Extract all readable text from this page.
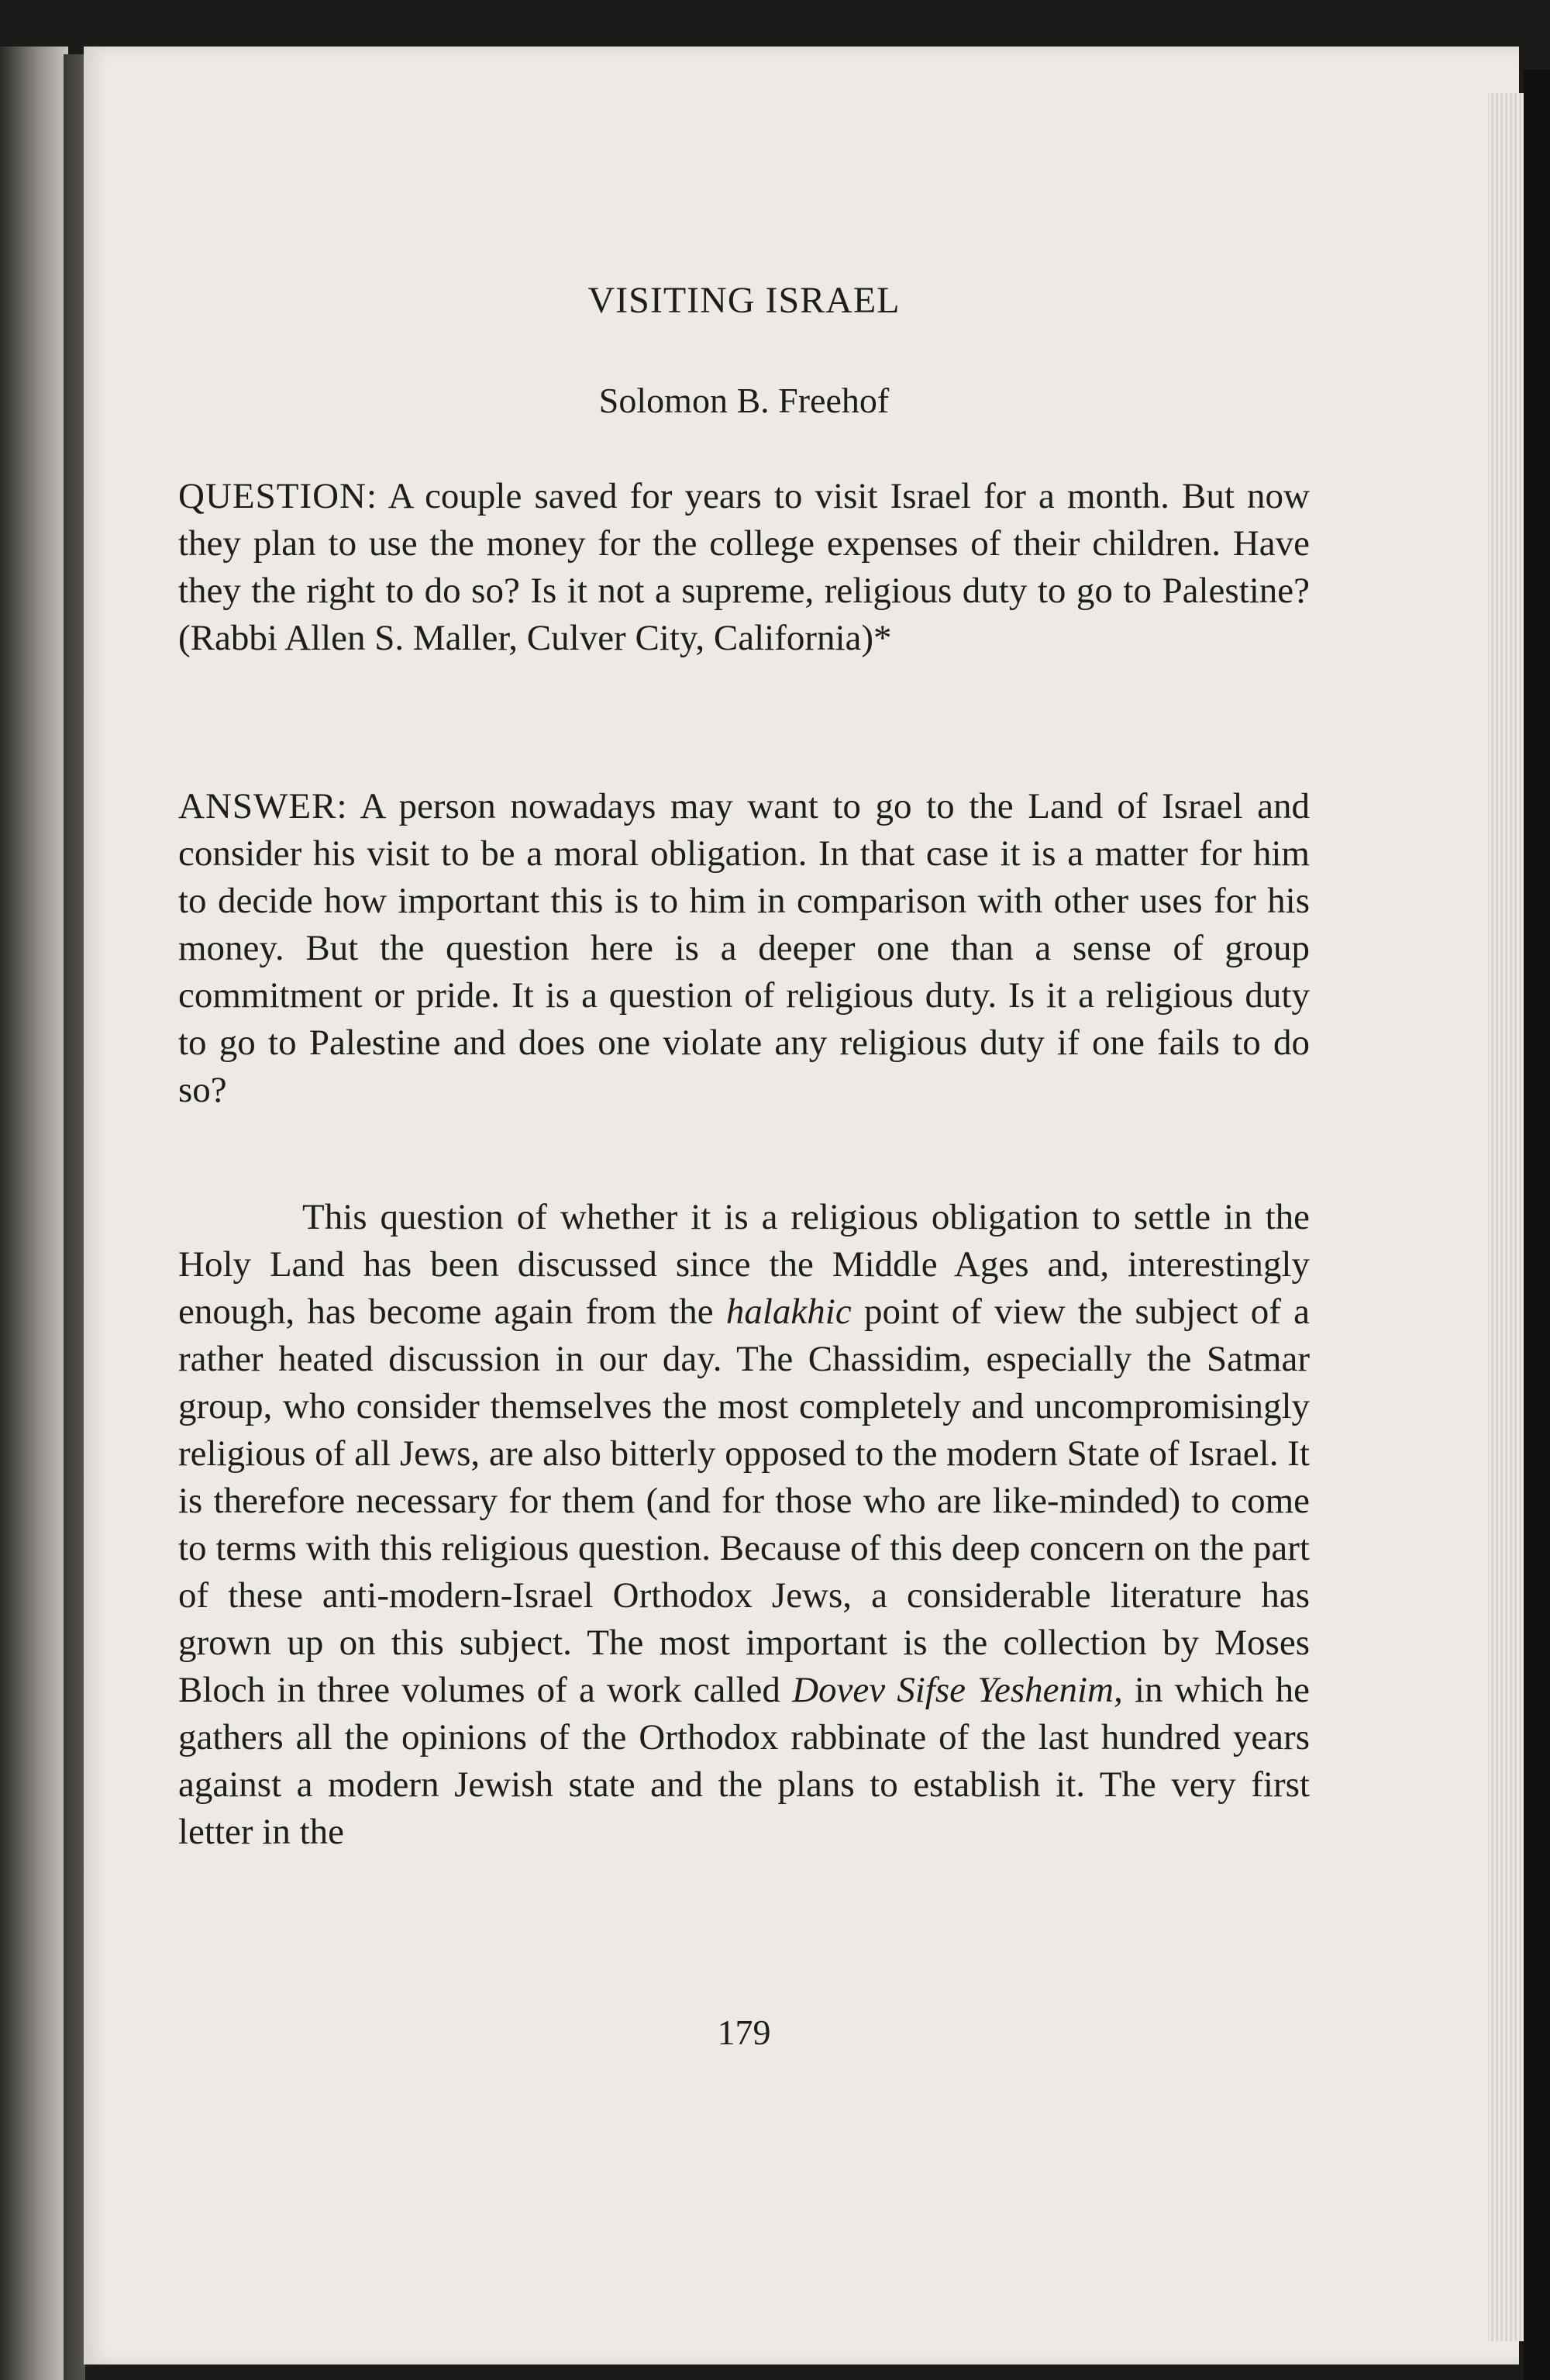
VISITING ISRAEL
Solomon B. Freehof
QUESTION: A couple saved for years to visit Israel for a month. But now they plan to use the money for the college expenses of their children. Have they the right to do so? Is it not a supreme, religious duty to go to Palestine? (Rabbi Allen S. Maller, Culver City, California)*
ANSWER: A person nowadays may want to go to the Land of Israel and consider his visit to be a moral obligation. In that case it is a matter for him to decide how important this is to him in comparison with other uses for his money. But the question here is a deeper one than a sense of group commitment or pride. It is a question of religious duty. Is it a religious duty to go to Palestine and does one violate any religious duty if one fails to do so?
This question of whether it is a religious obligation to settle in the Holy Land has been discussed since the Middle Ages and, interestingly enough, has become again from the halakhic point of view the subject of a rather heated discussion in our day. The Chassidim, especially the Satmar group, who consider themselves the most completely and uncompromisingly religious of all Jews, are also bitterly opposed to the modern State of Israel. It is therefore necessary for them (and for those who are like-minded) to come to terms with this religious question. Because of this deep concern on the part of these anti-modern-Israel Orthodox Jews, a considerable literature has grown up on this subject. The most important is the collection by Moses Bloch in three volumes of a work called Dovev Sifse Yeshenim, in which he gathers all the opinions of the Orthodox rabbinate of the last hundred years against a modern Jewish state and the plans to establish it. The very first letter in the
179
